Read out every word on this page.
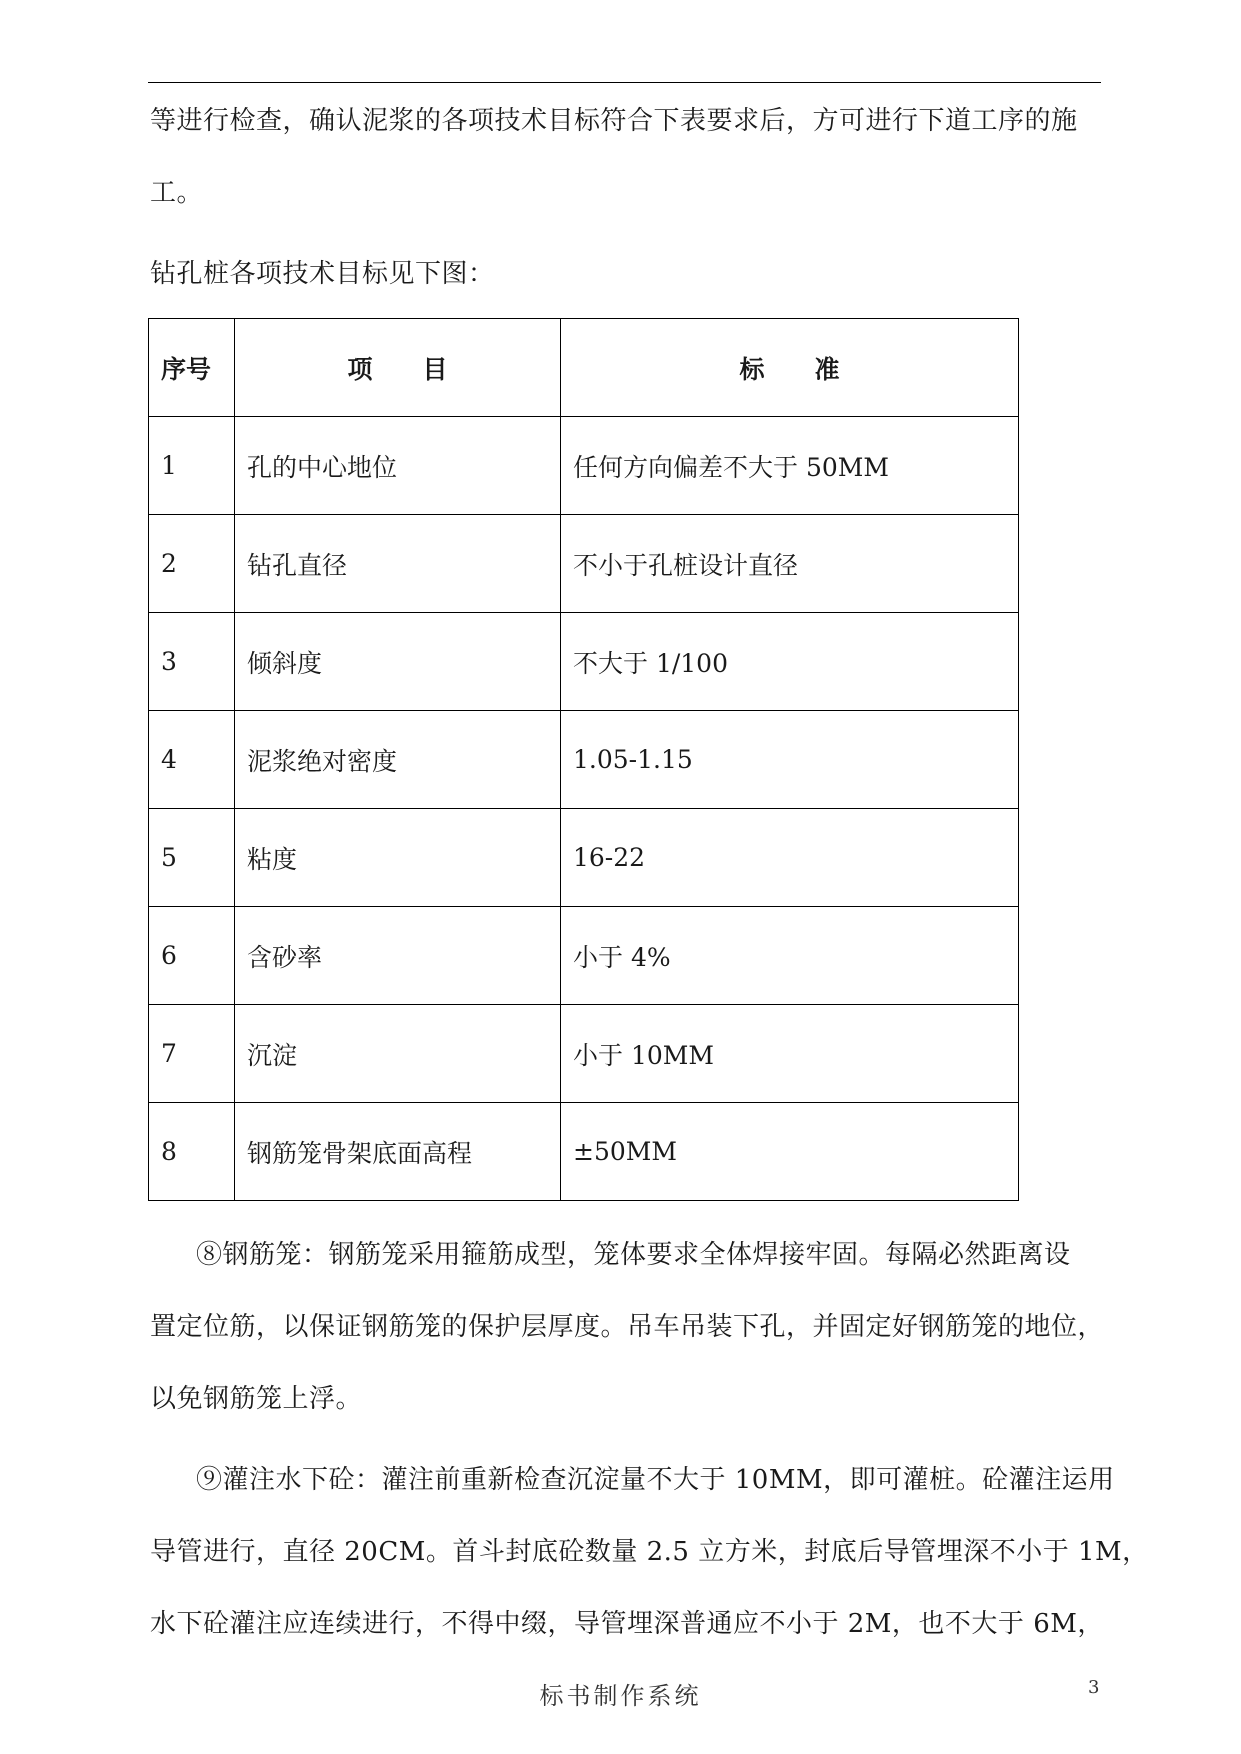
等进行检查，确认泥浆的各项技术目标符合下表要求后，方可进行下道工序的施
工。
钻孔桩各项技术目标见下图：
序号	项　　目	标　　准
1	孔的中心地位	任何方向偏差不大于 50MM
2	钻孔直径	不小于孔桩设计直径
3	倾斜度	不大于 1/100
4	泥浆绝对密度	1.05-1.15
5	粘度	16-22
6	含砂率	小于 4%
7	沉淀	小于 10MM
8	钢筋笼骨架底面高程	±50MM
⑧钢筋笼：钢筋笼采用箍筋成型，笼体要求全体焊接牢固。每隔必然距离设
置定位筋，以保证钢筋笼的保护层厚度。吊车吊装下孔，并固定好钢筋笼的地位，
以免钢筋笼上浮。
⑨灌注水下砼：灌注前重新检查沉淀量不大于 10MM，即可灌桩。砼灌注运用
导管进行，直径 20CM。首斗封底砼数量 2.5 立方米，封底后导管埋深不小于 1M，
水下砼灌注应连续进行，不得中缀，导管埋深普通应不小于 2M，也不大于 6M，
标书制作系统	3
